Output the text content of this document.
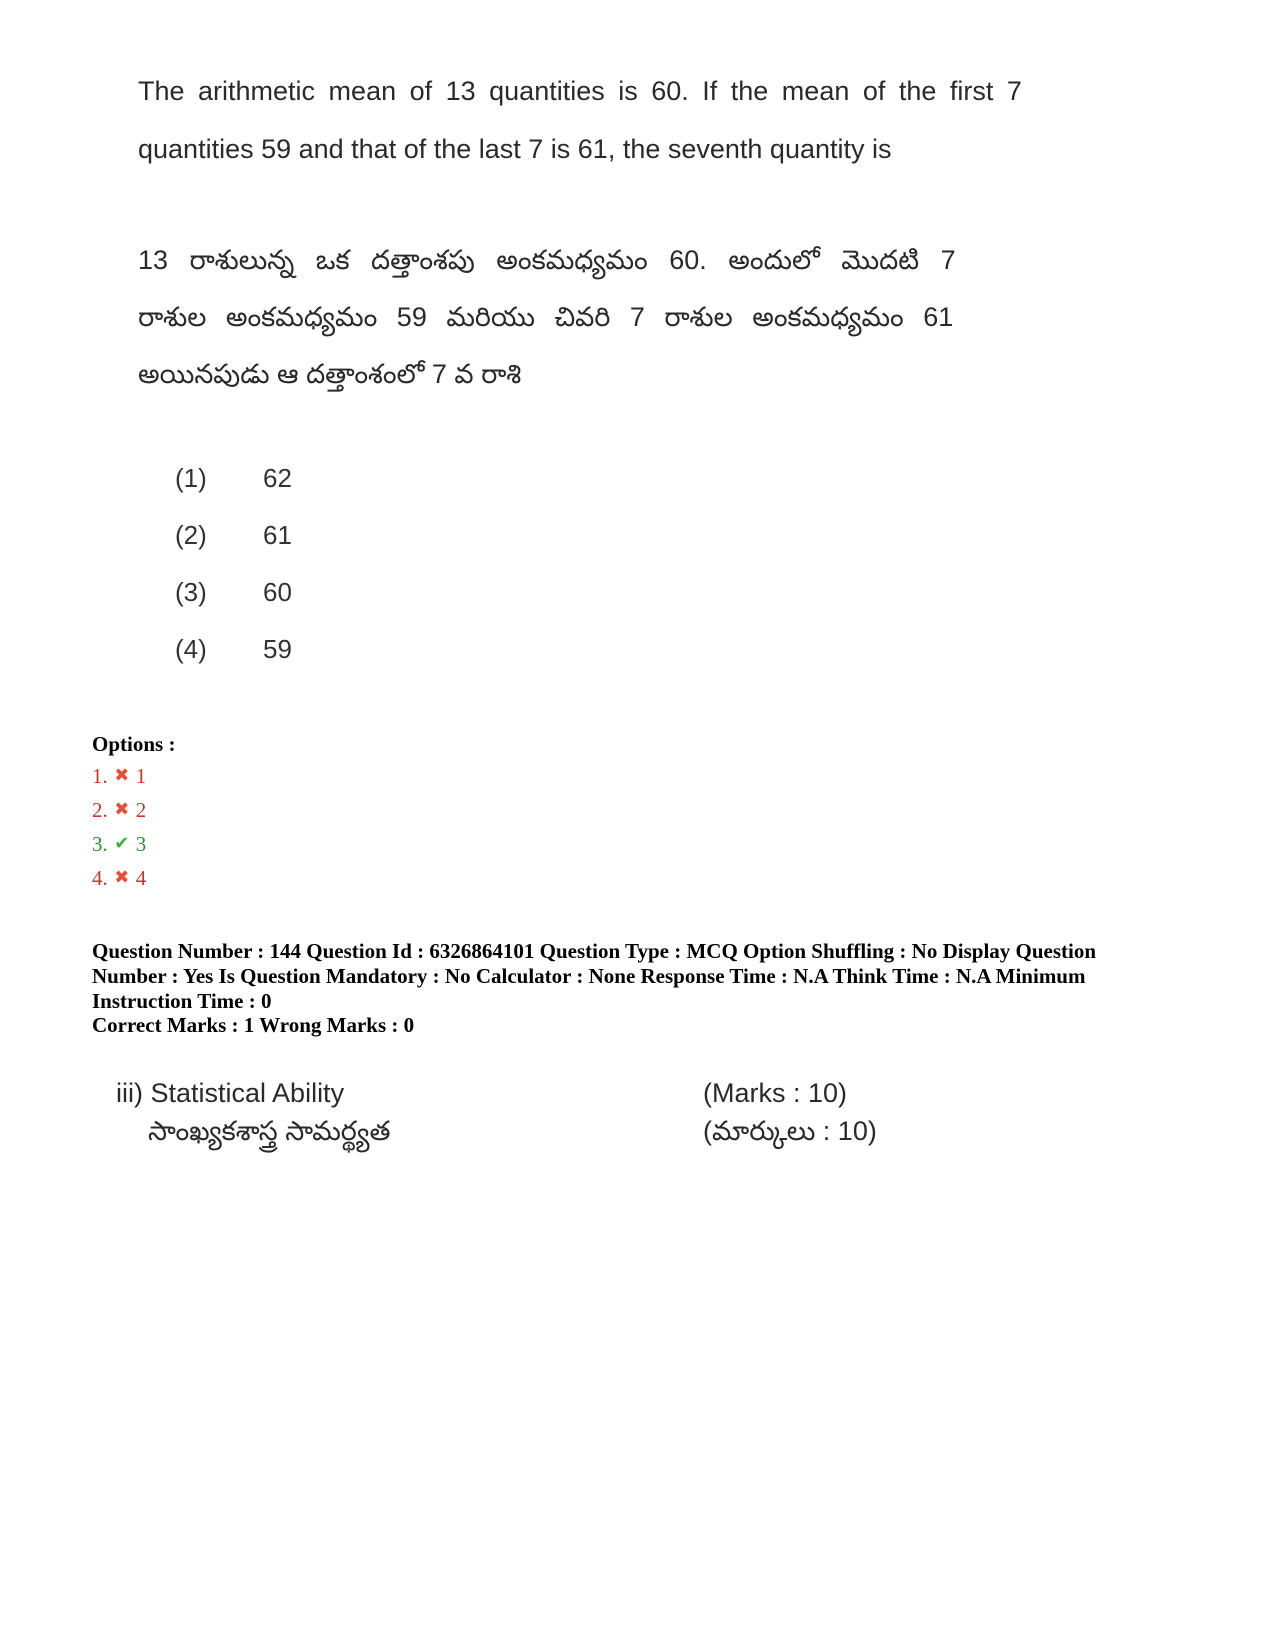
The arithmetic mean of 13 quantities is 60. If the mean of the first 7
quantities 59 and that of the last 7 is 61, the seventh quantity is
13 రాశులున్న ఒక దత్తాంశపు అంకమధ్యమం 60. అందులో మొదటి 7
రాశుల అంకమధ్యమం 59 మరియు చివరి 7 రాశుల అంకమధ్యమం 61
అయినపుడు ఆ దత్తాంశంలో 7 వ రాశి
(1) 62
(2) 61
(3) 60
(4) 59
Options :
1. ✖ 1
2. ✖ 2
3. ✔ 3
4. ✖ 4
Question Number : 144 Question Id : 6326864101 Question Type : MCQ Option Shuffling : No Display Question
Number : Yes Is Question Mandatory : No Calculator : None Response Time : N.A Think Time : N.A Minimum
Instruction Time : 0
Correct Marks : 1 Wrong Marks : 0
iii) Statistical Ability
సాంఖ్యకశాస్త్ర సామర్థ్యత
(Marks : 10)
(మార్కులు : 10)
